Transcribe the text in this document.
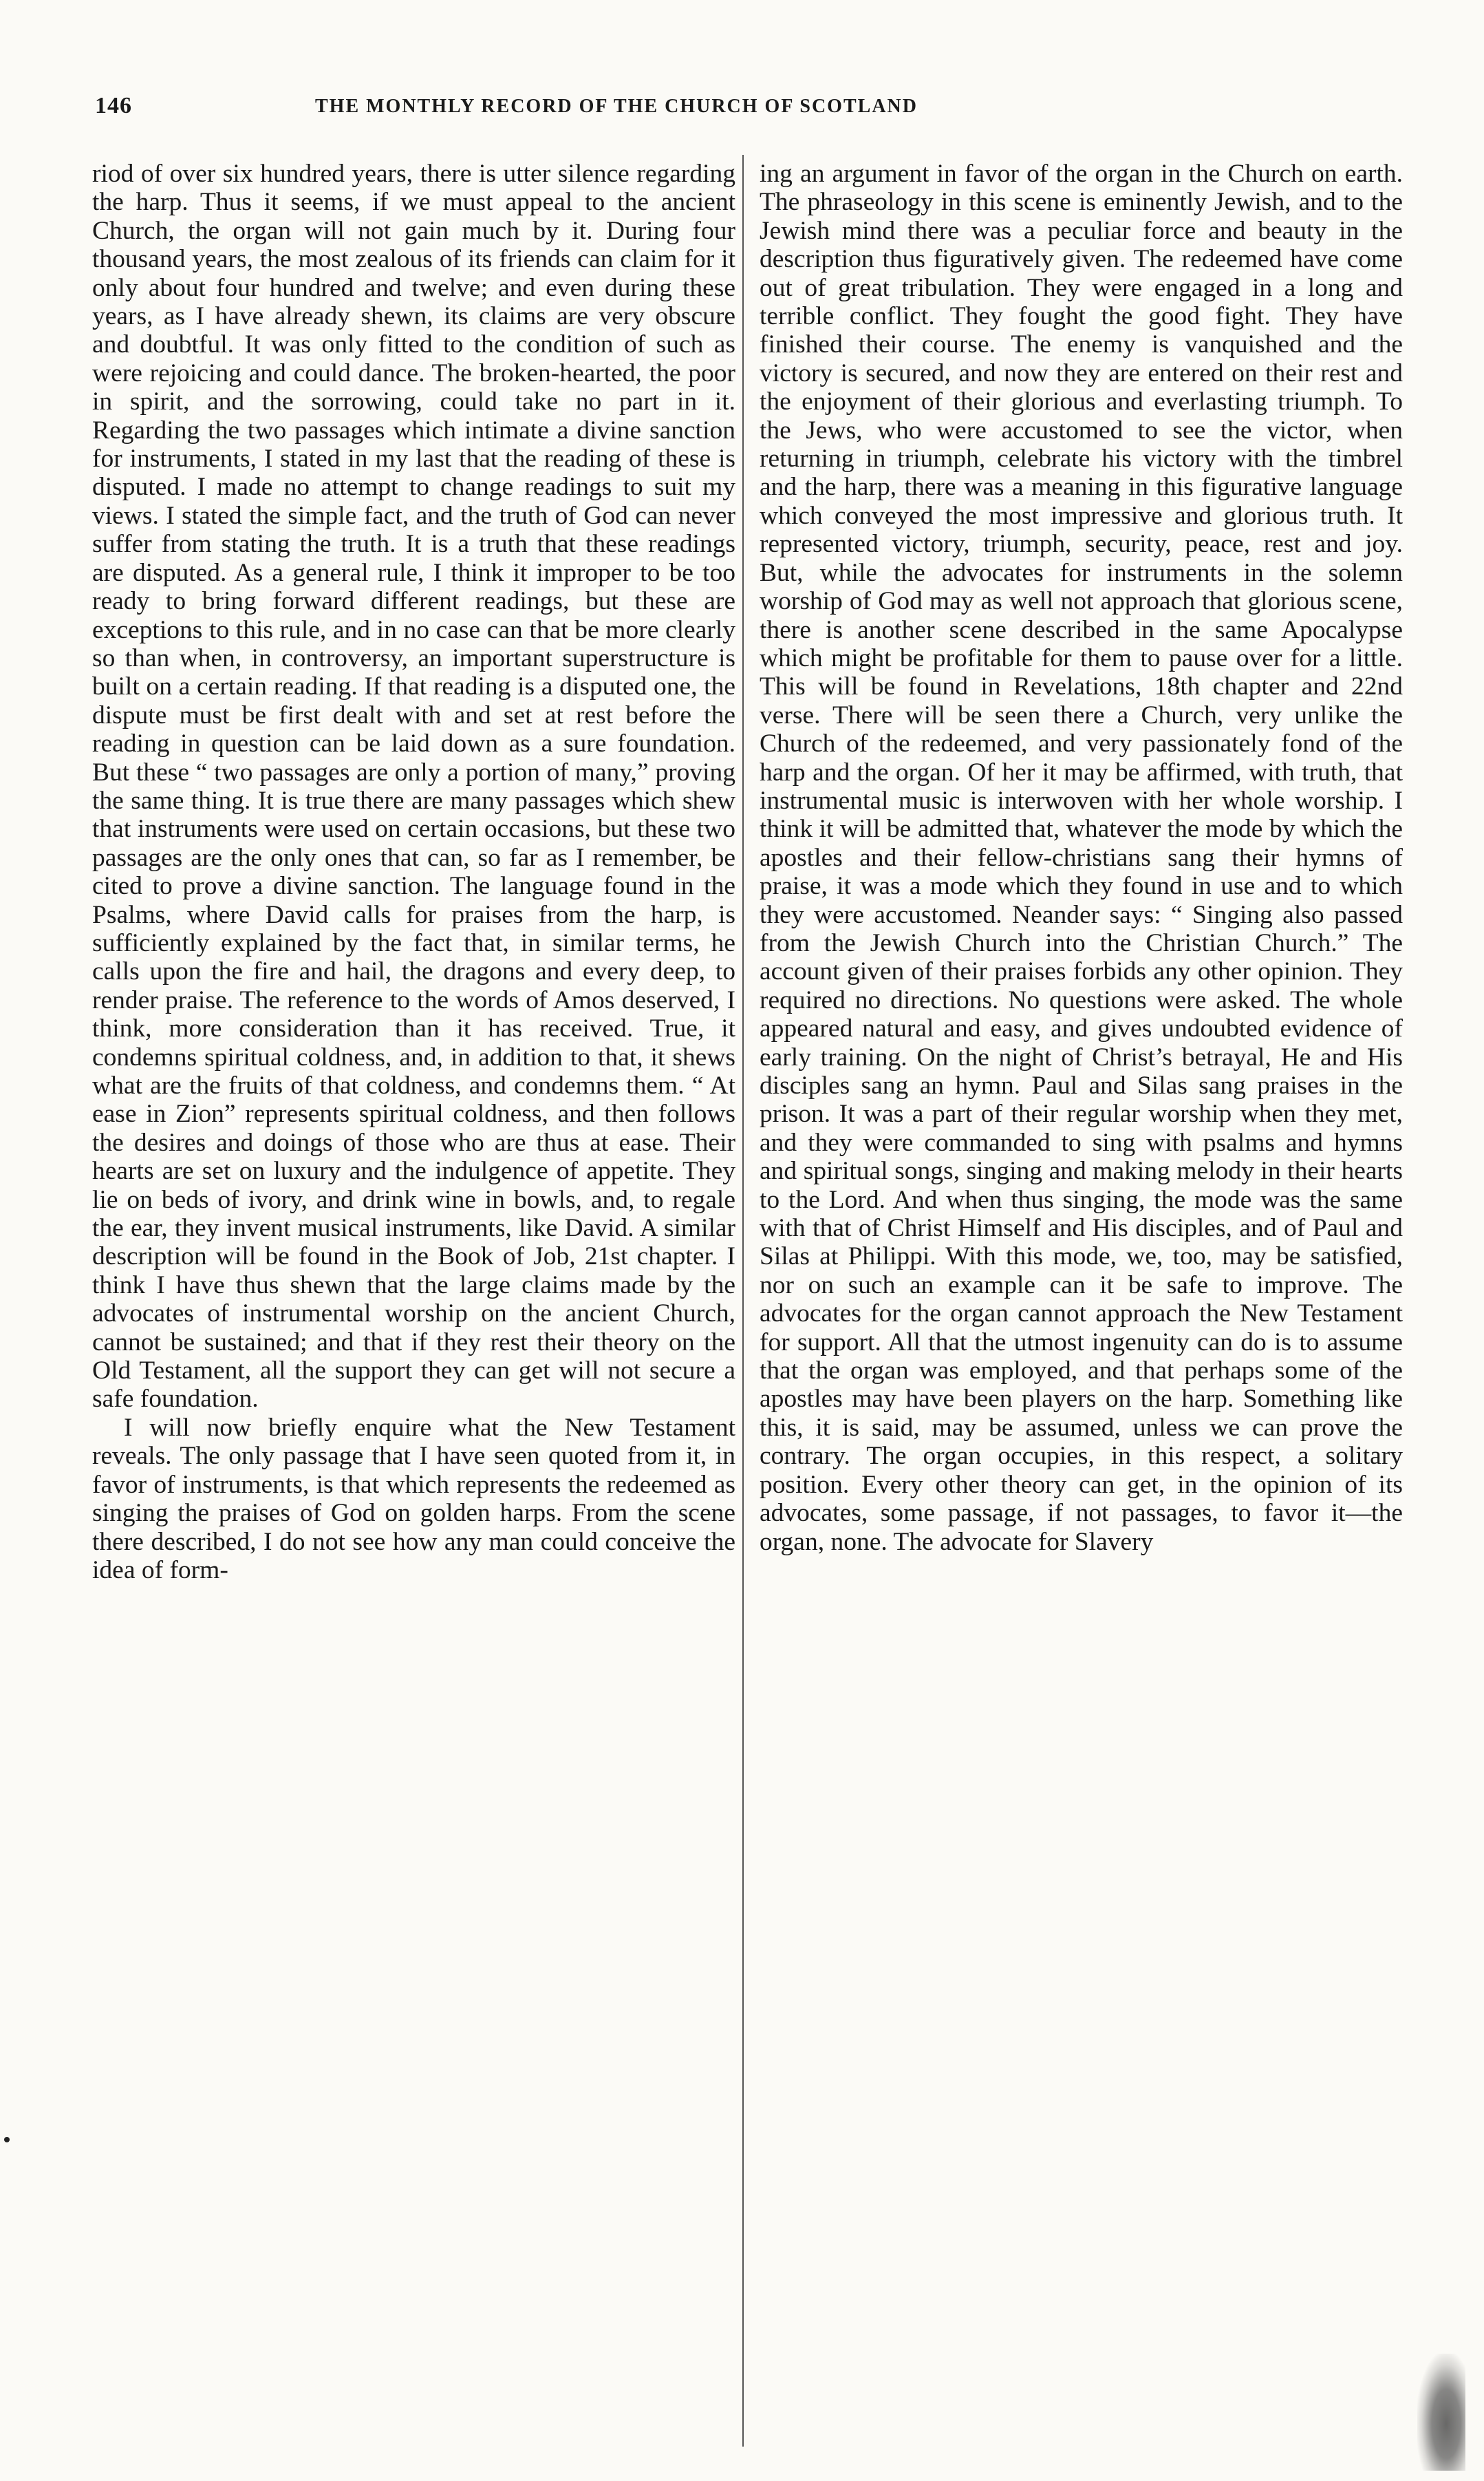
146	THE MONTHLY RECORD OF THE CHURCH OF SCOTLAND

riod of over six hundred years, there is utter silence regarding the harp. Thus it seems, if we must appeal to the ancient Church, the organ will not gain much by it. During four thousand years, the most zealous of its friends can claim for it only about four hundred and twelve; and even during these years, as I have already shewn, its claims are very obscure and doubtful. It was only fitted to the condition of such as were rejoicing and could dance. The broken-hearted, the poor in spirit, and the sorrowing, could take no part in it. Regarding the two passages which intimate a divine sanction for instruments, I stated in my last that the reading of these is disputed. I made no attempt to change readings to suit my views. I stated the simple fact, and the truth of God can never suffer from stating the truth. It is a truth that these readings are disputed. As a general rule, I think it improper to be too ready to bring forward different readings, but these are exceptions to this rule, and in no case can that be more clearly so than when, in controversy, an important superstructure is built on a certain reading. If that reading is a disputed one, the dispute must be first dealt with and set at rest before the reading in question can be laid down as a sure foundation. But these “ two passages are only a portion of many,” proving the same thing. It is true there are many passages which shew that instruments were used on certain occasions, but these two passages are the only ones that can, so far as I remember, be cited to prove a divine sanction. The language found in the Psalms, where David calls for praises from the harp, is sufficiently explained by the fact that, in similar terms, he calls upon the fire and hail, the dragons and every deep, to render praise. The reference to the words of Amos deserved, I think, more consideration than it has received. True, it condemns spiritual coldness, and, in addition to that, it shews what are the fruits of that coldness, and condemns them. “ At ease in Zion” represents spiritual coldness, and then follows the desires and doings of those who are thus at ease. Their hearts are set on luxury and the indulgence of appetite. They lie on beds of ivory, and drink wine in bowls, and, to regale the ear, they invent musical instruments, like David. A similar description will be found in the Book of Job, 21st chapter. I think I have thus shewn that the large claims made by the advocates of instrumental worship on the ancient Church, cannot be sustained; and that if they rest their theory on the Old Testament, all the support they can get will not secure a safe foundation.

I will now briefly enquire what the New Testament reveals. The only passage that I have seen quoted from it, in favor of instruments, is that which represents the redeemed as singing the praises of God on golden harps. From the scene there described, I do not see how any man could conceive the idea of form-

ing an argument in favor of the organ in the Church on earth. The phraseology in this scene is eminently Jewish, and to the Jewish mind there was a peculiar force and beauty in the description thus figuratively given. The redeemed have come out of great tribulation. They were engaged in a long and terrible conflict. They fought the good fight. They have finished their course. The enemy is vanquished and the victory is secured, and now they are entered on their rest and the enjoyment of their glorious and everlasting triumph. To the Jews, who were accustomed to see the victor, when returning in triumph, celebrate his victory with the timbrel and the harp, there was a meaning in this figurative language which conveyed the most impressive and glorious truth. It represented victory, triumph, security, peace, rest and joy. But, while the advocates for instruments in the solemn worship of God may as well not approach that glorious scene, there is another scene described in the same Apocalypse which might be profitable for them to pause over for a little. This will be found in Revelations, 18th chapter and 22nd verse. There will be seen there a Church, very unlike the Church of the redeemed, and very passionately fond of the harp and the organ. Of her it may be affirmed, with truth, that instrumental music is interwoven with her whole worship. I think it will be admitted that, whatever the mode by which the apostles and their fellow-christians sang their hymns of praise, it was a mode which they found in use and to which they were accustomed. Neander says: “ Singing also passed from the Jewish Church into the Christian Church.” The account given of their praises forbids any other opinion. They required no directions. No questions were asked. The whole appeared natural and easy, and gives undoubted evidence of early training. On the night of Christ’s betrayal, He and His disciples sang an hymn. Paul and Silas sang praises in the prison. It was a part of their regular worship when they met, and they were commanded to sing with psalms and hymns and spiritual songs, singing and making melody in their hearts to the Lord. And when thus singing, the mode was the same with that of Christ Himself and His disciples, and of Paul and Silas at Philippi. With this mode, we, too, may be satisfied, nor on such an example can it be safe to improve. The advocates for the organ cannot approach the New Testament for support. All that the utmost ingenuity can do is to assume that the organ was employed, and that perhaps some of the apostles may have been players on the harp. Something like this, it is said, may be assumed, unless we can prove the contrary. The organ occupies, in this respect, a solitary position. Every other theory can get, in the opinion of its advocates, some passage, if not passages, to favor it—the organ, none. The advocate for Slavery
